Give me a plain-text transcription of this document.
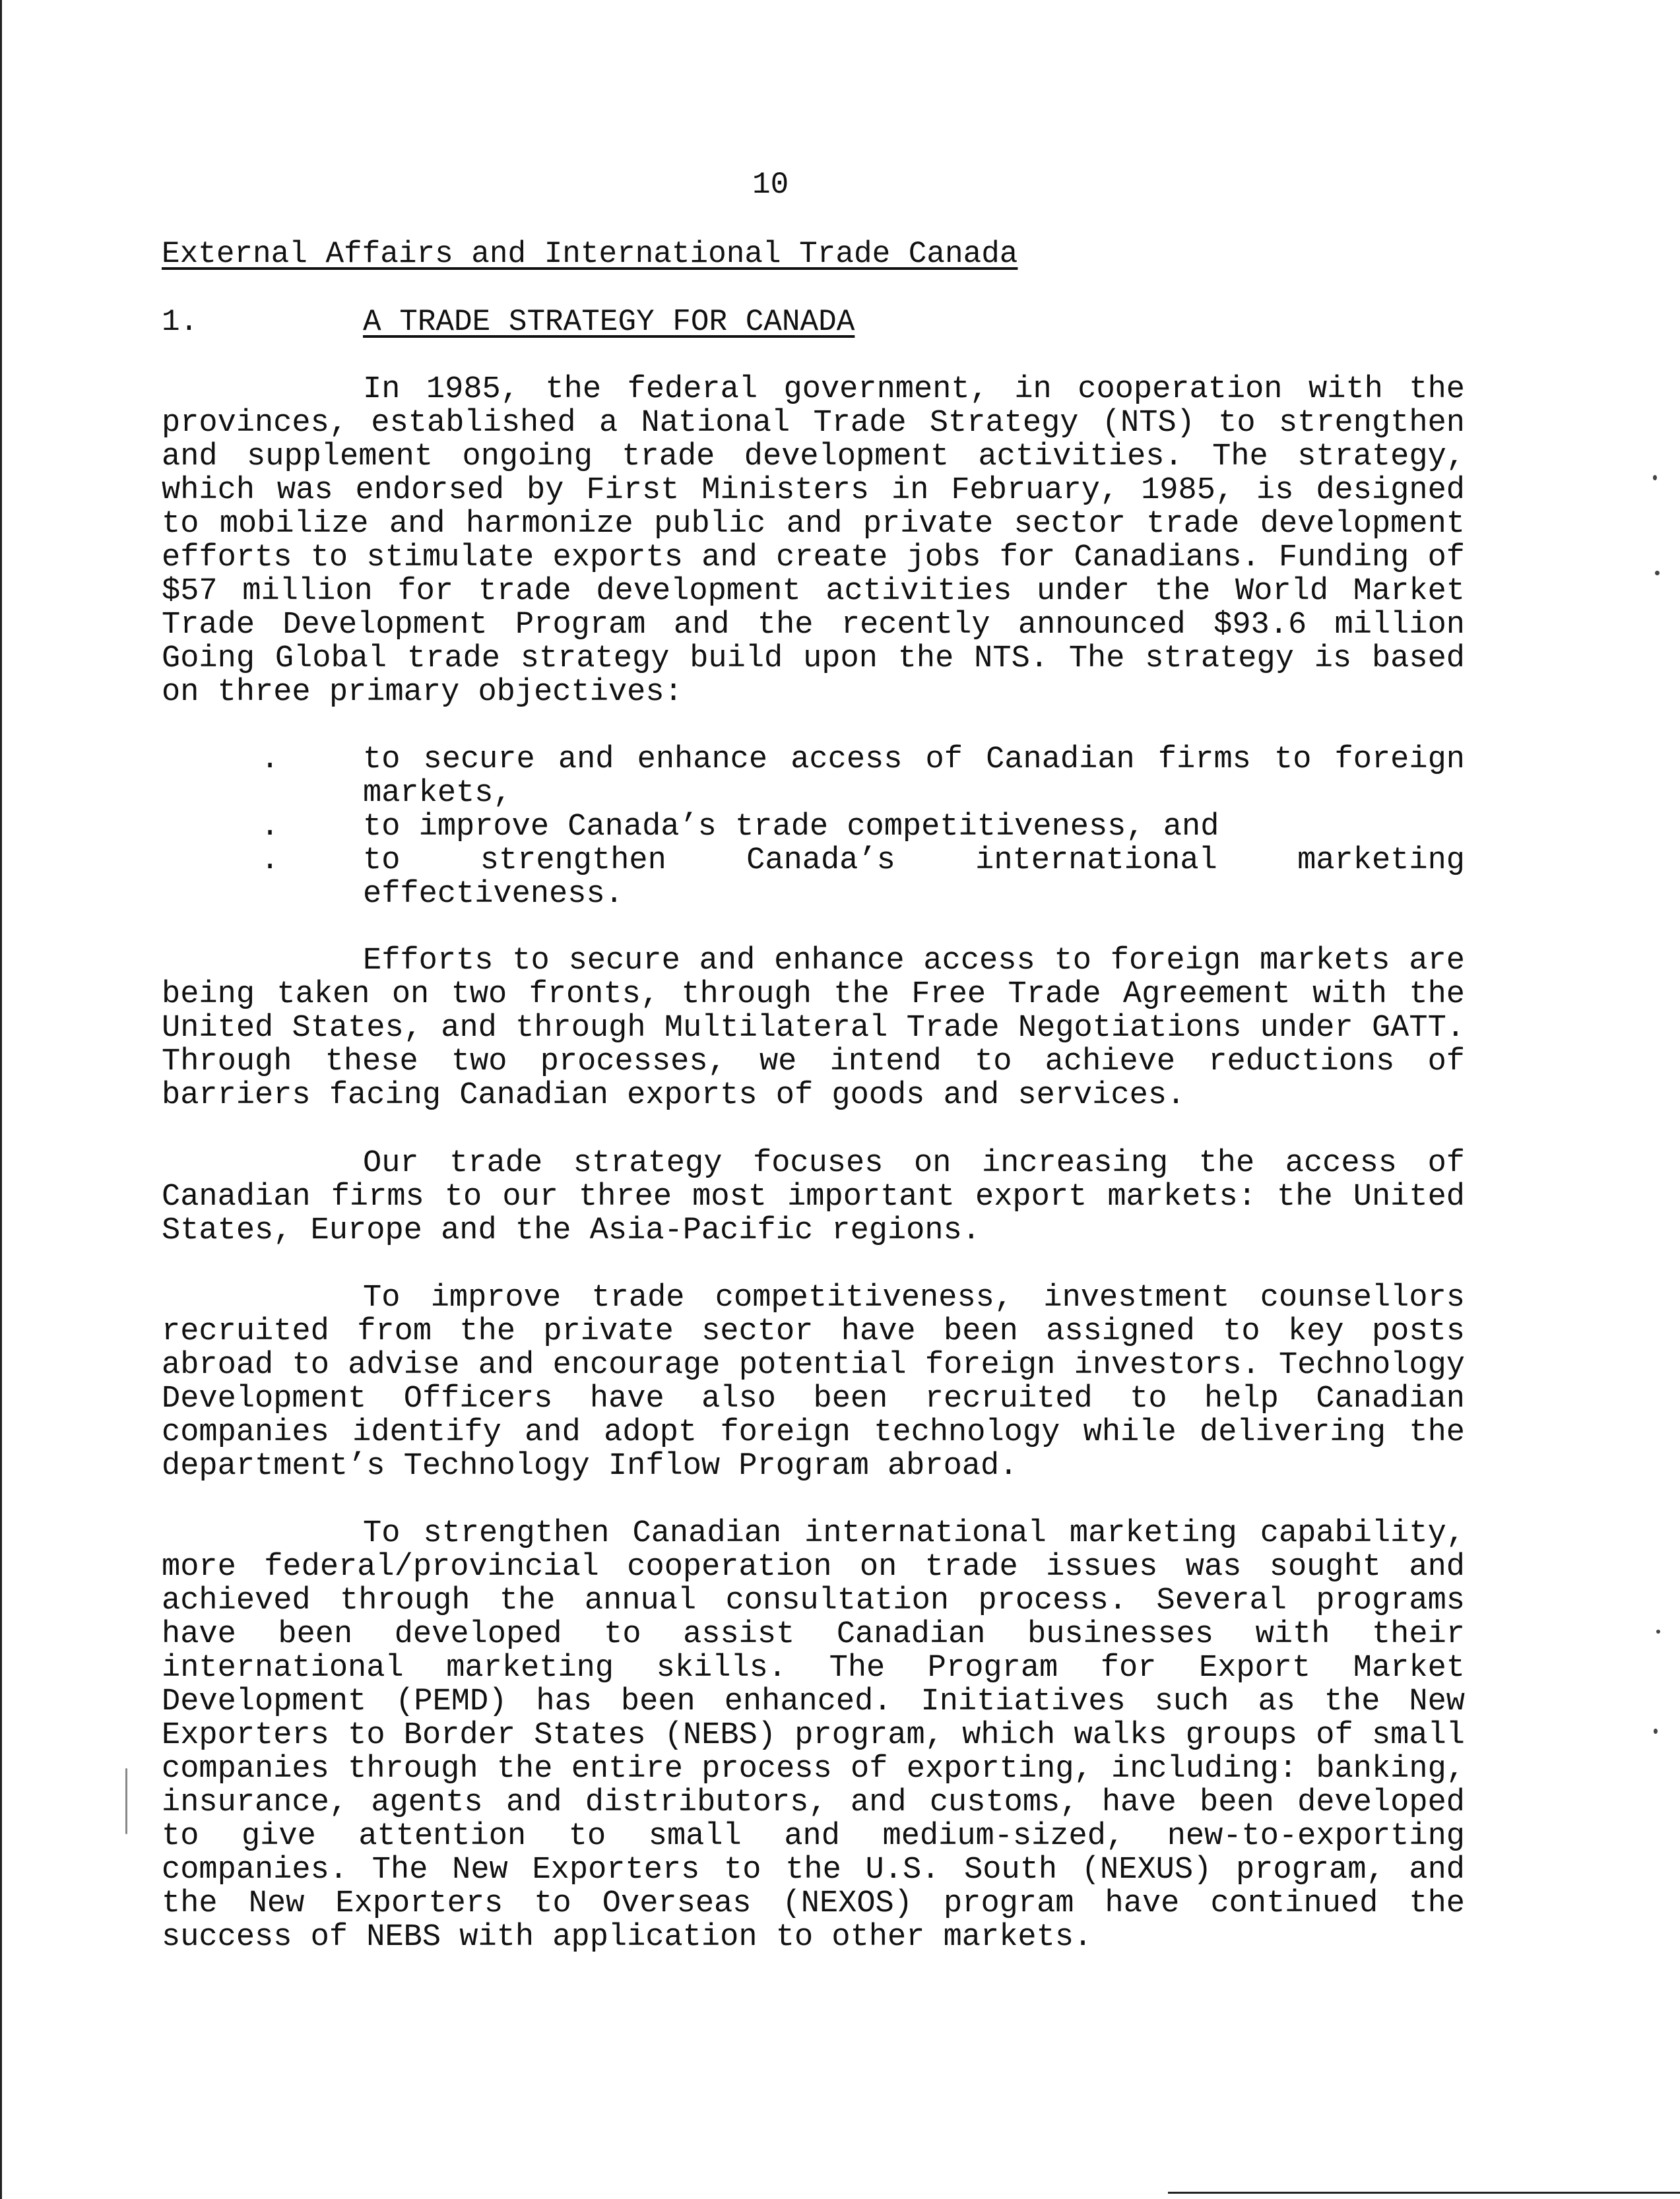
10
External Affairs and International Trade Canada
1.	A TRADE STRATEGY FOR CANADA

In 1985, the federal government, in cooperation with the provinces, established a National Trade Strategy (NTS) to strengthen and supplement ongoing trade development activities. The strategy, which was endorsed by First Ministers in February, 1985, is designed to mobilize and harmonize public and private sector trade development efforts to stimulate exports and create jobs for Canadians. Funding of $57 million for trade development activities under the World Market Trade Development Program and the recently announced $93.6 million Going Global trade strategy build upon the NTS. The strategy is based on three primary objectives:

.	to secure and enhance access of Canadian firms to foreign markets,
.	to improve Canada’s trade competitiveness, and
.	to strengthen Canada’s international marketing effectiveness.

Efforts to secure and enhance access to foreign markets are being taken on two fronts, through the Free Trade Agreement with the United States, and through Multilateral Trade Negotiations under GATT. Through these two processes, we intend to achieve reductions of barriers facing Canadian exports of goods and services.

Our trade strategy focuses on increasing the access of Canadian firms to our three most important export markets: the United States, Europe and the Asia-Pacific regions.

To improve trade competitiveness, investment counsellors recruited from the private sector have been assigned to key posts abroad to advise and encourage potential foreign investors. Technology Development Officers have also been recruited to help Canadian companies identify and adopt foreign technology while delivering the department’s Technology Inflow Program abroad.

To strengthen Canadian international marketing capability, more federal/provincial cooperation on trade issues was sought and achieved through the annual consultation process. Several programs have been developed to assist Canadian businesses with their international marketing skills. The Program for Export Market Development (PEMD) has been enhanced. Initiatives such as the New Exporters to Border States (NEBS) program, which walks groups of small companies through the entire process of exporting, including: banking, insurance, agents and distributors, and customs, have been developed to give attention to small and medium-sized, new-to-exporting companies. The New Exporters to the U.S. South (NEXUS) program, and the New Exporters to Overseas (NEXOS) program have continued the success of NEBS with application to other markets.
